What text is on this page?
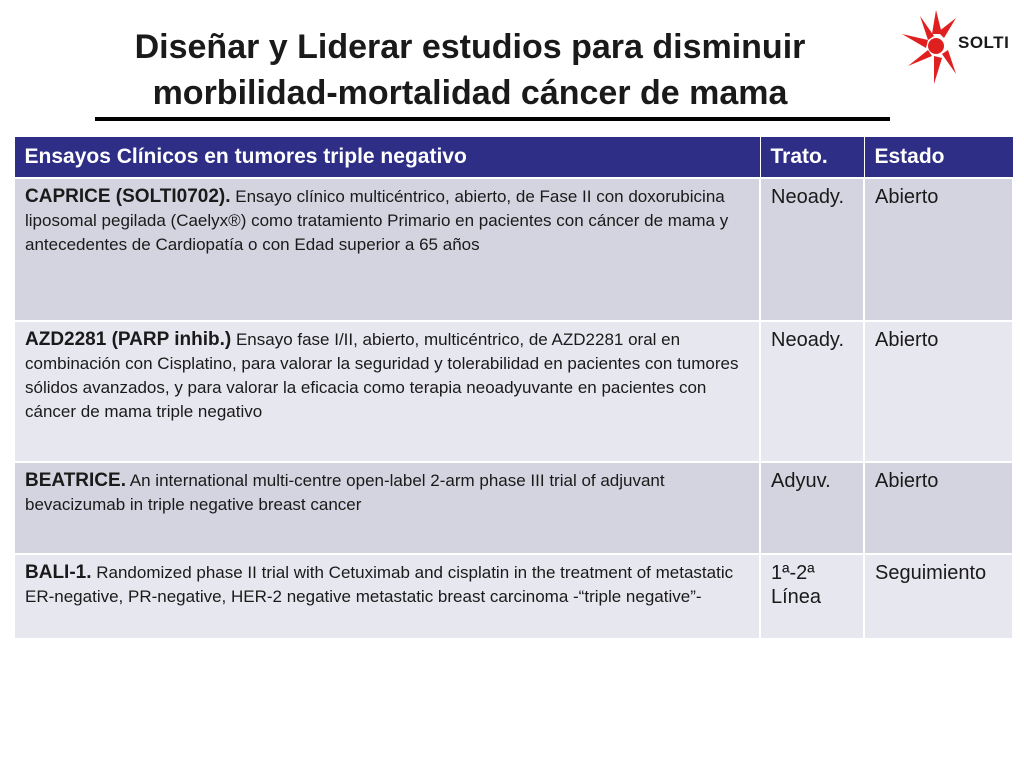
Diseñar y Liderar estudios para disminuir
morbilidad-mortalidad cáncer de mama
SOLTI
Ensayos Clínicos en tumores triple negativo	Trato.	Estado
CAPRICE (SOLTI0702). Ensayo clínico multicéntrico, abierto, de Fase II con doxorubicina liposomal pegilada (Caelyx®) como tratamiento Primario en pacientes con cáncer de mama y antecedentes de Cardiopatía o con Edad superior a 65 años	Neoady.	Abierto
AZD2281 (PARP inhib.) Ensayo fase I/II, abierto, multicéntrico, de AZD2281 oral en combinación con Cisplatino, para valorar la seguridad y tolerabilidad en pacientes con tumores sólidos avanzados, y para valorar la eficacia como terapia neoadyuvante en pacientes con cáncer de mama triple negativo	Neoady.	Abierto
BEATRICE. An international multi-centre open-label 2-arm phase III trial of adjuvant bevacizumab in triple negative breast cancer	Adyuv.	Abierto
BALI-1. Randomized phase II trial with Cetuximab and cisplatin in the treatment of metastatic ER-negative, PR-negative, HER-2 negative metastatic breast carcinoma -“triple negative”-	1ª-2ª Línea	Seguimiento
